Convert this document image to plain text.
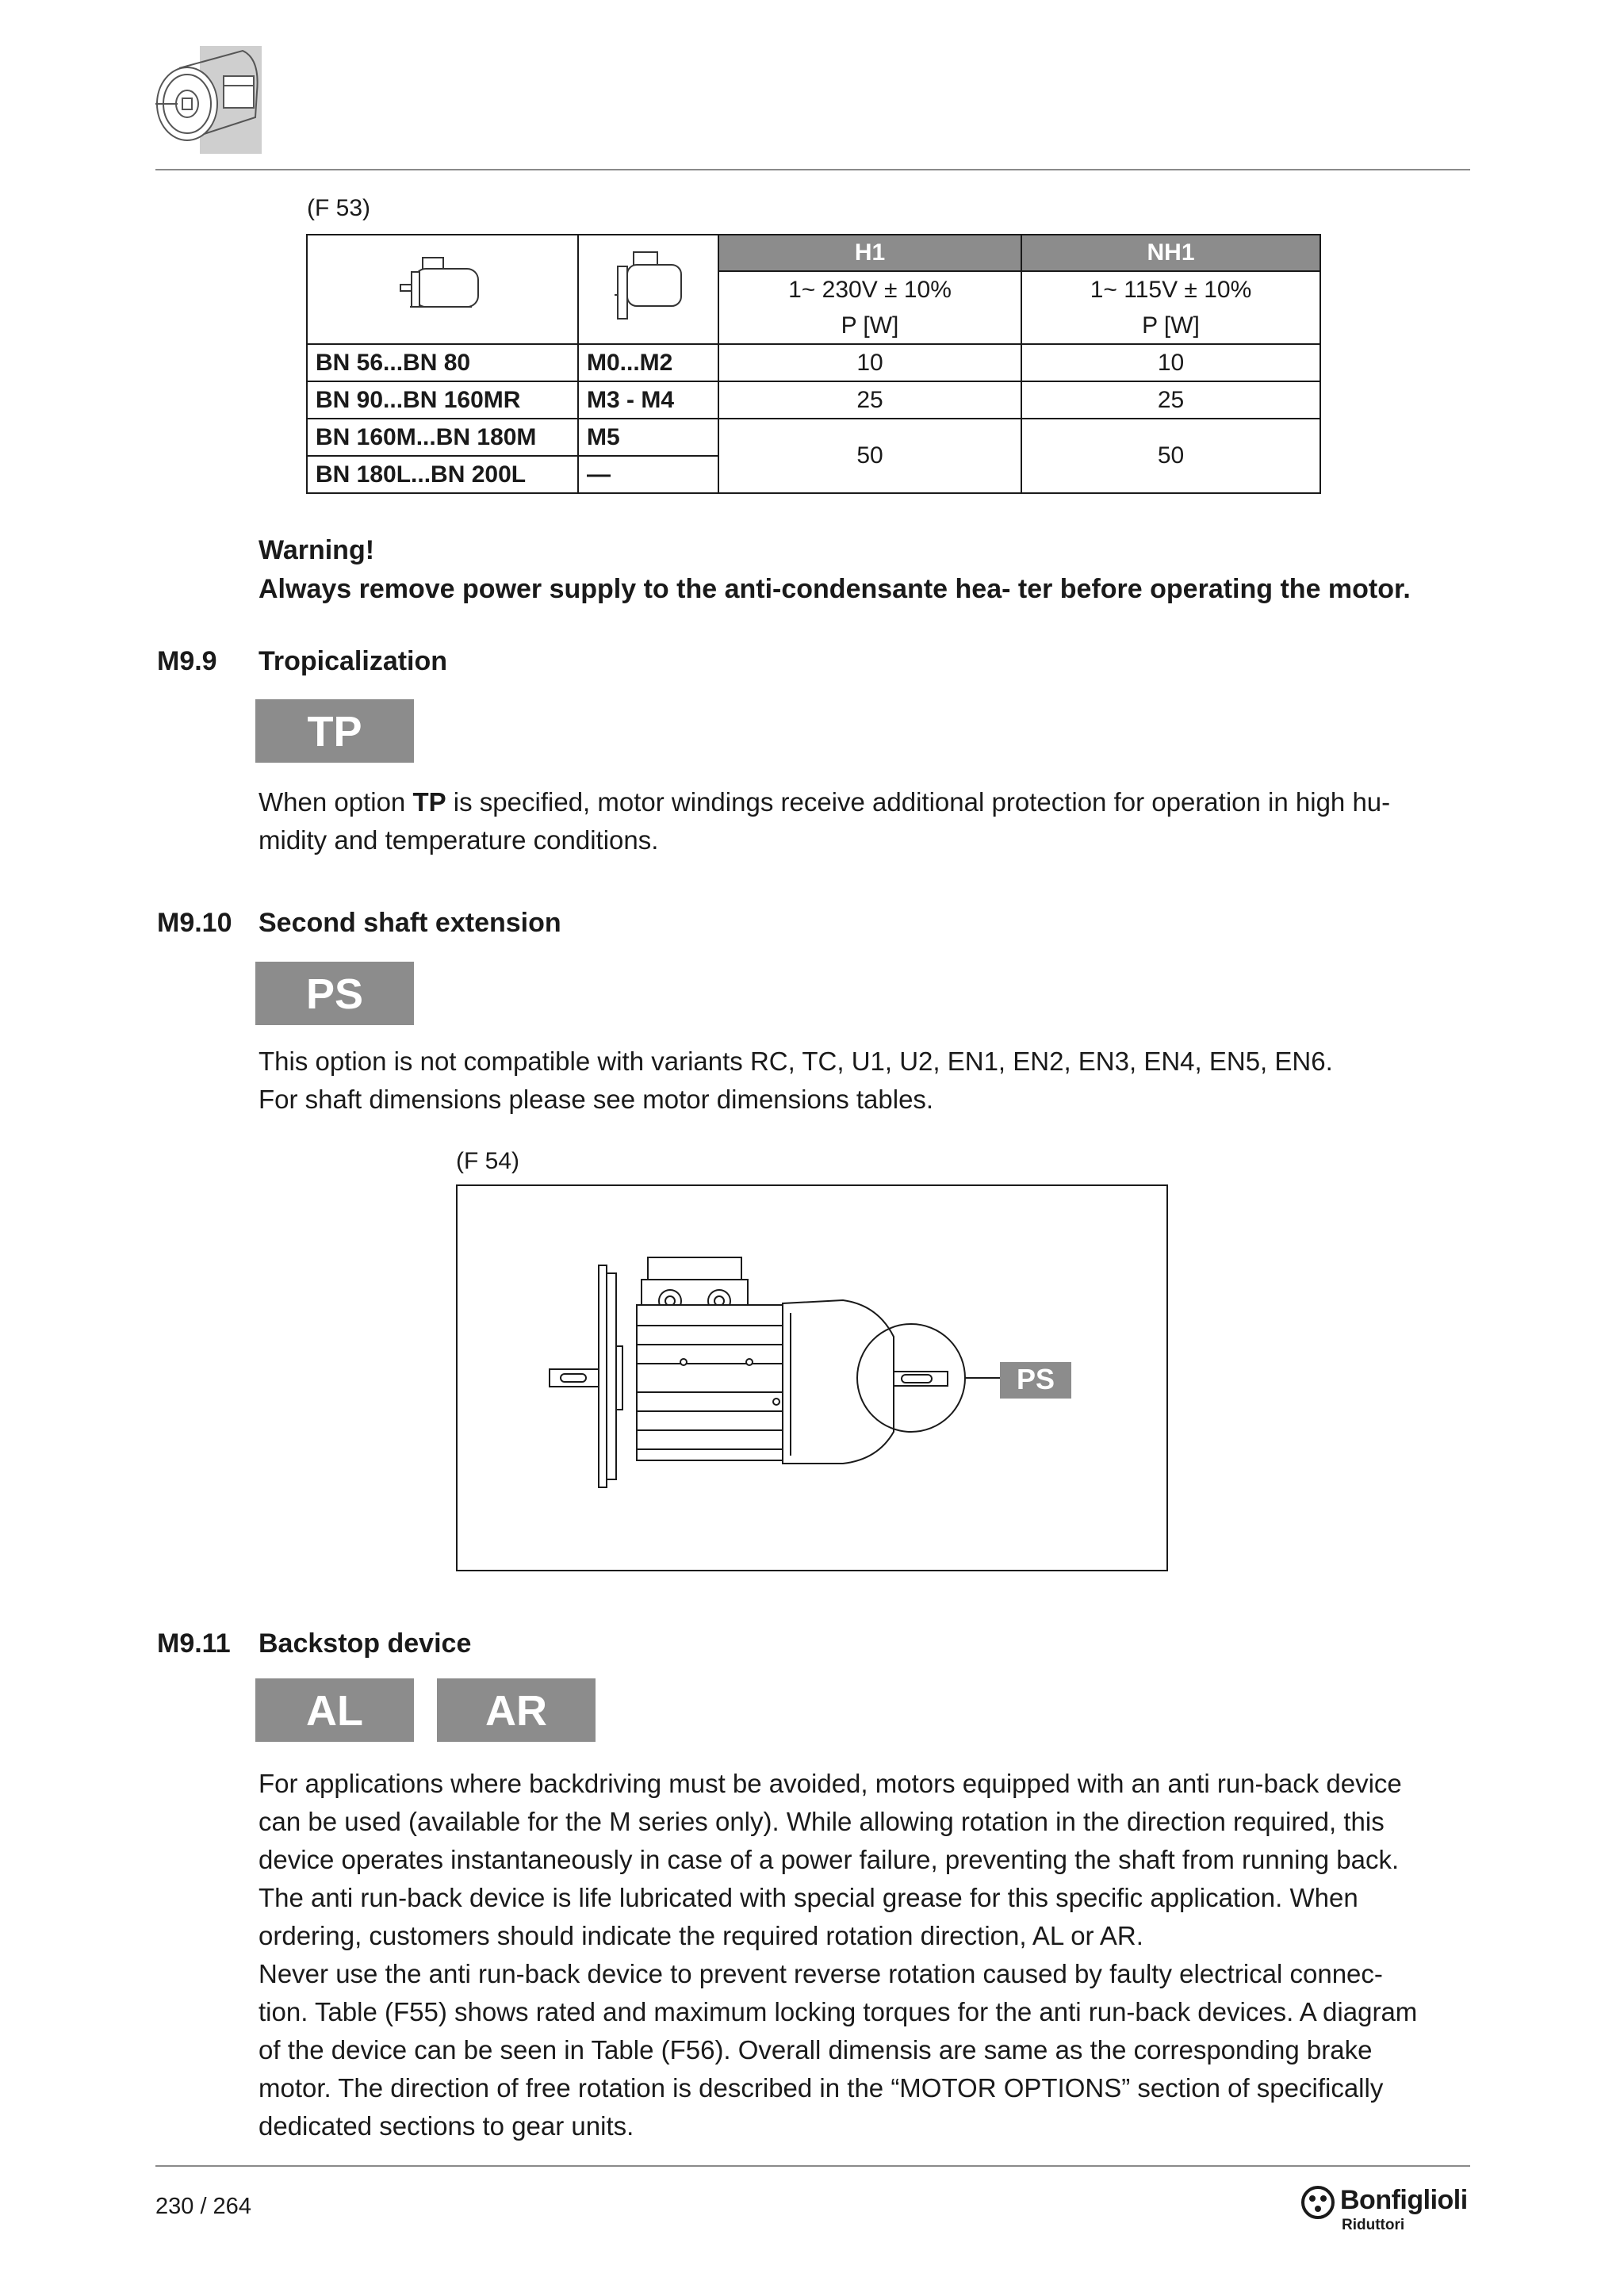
(F 53)
		H1	NH1
		1~ 230V ± 10%	1~ 115V ± 10%
		P [W]	P [W]
BN 56...BN 80	M0...M2	10	10
BN 90...BN 160MR	M3 - M4	25	25
BN 160M...BN 180M	M5	50	50
BN 180L...BN 200L	—		
Warning!
Always remove power supply to the anti-condensante hea- ter before operating the motor.
M9.9 Tropicalization
TP

When option TP is specified, motor windings receive additional protection for operation in high hu-

midity and temperature conditions.

M9.10 Second shaft extension
PS

This option is not compatible with variants RC, TC, U1, U2, EN1, EN2, EN3, EN4, EN5, EN6.

For shaft dimensions please see motor dimensions tables.

(F 54)
PS
M9.11 Backstop device
AL	AR

For applications where backdriving must be avoided, motors equipped with an anti run-back device

can be used (available for the M series only). While allowing rotation in the direction required, this

device operates instantaneously in case of a power failure, preventing the shaft from running back.

The anti run-back device is life lubricated with special grease for this specific application. When

ordering, customers should indicate the required rotation direction, AL or AR.

Never use the anti run-back device to prevent reverse rotation caused by faulty electrical connec-

tion. Table (F55) shows rated and maximum locking torques for the anti run-back devices. A diagram

of the device can be seen in Table (F56). Overall dimensis are same as the corresponding brake

motor. The direction of free rotation is described in the “MOTOR OPTIONS” section of specifically

dedicated sections to gear units.

230 / 264	Bonfiglioli
Riduttori
